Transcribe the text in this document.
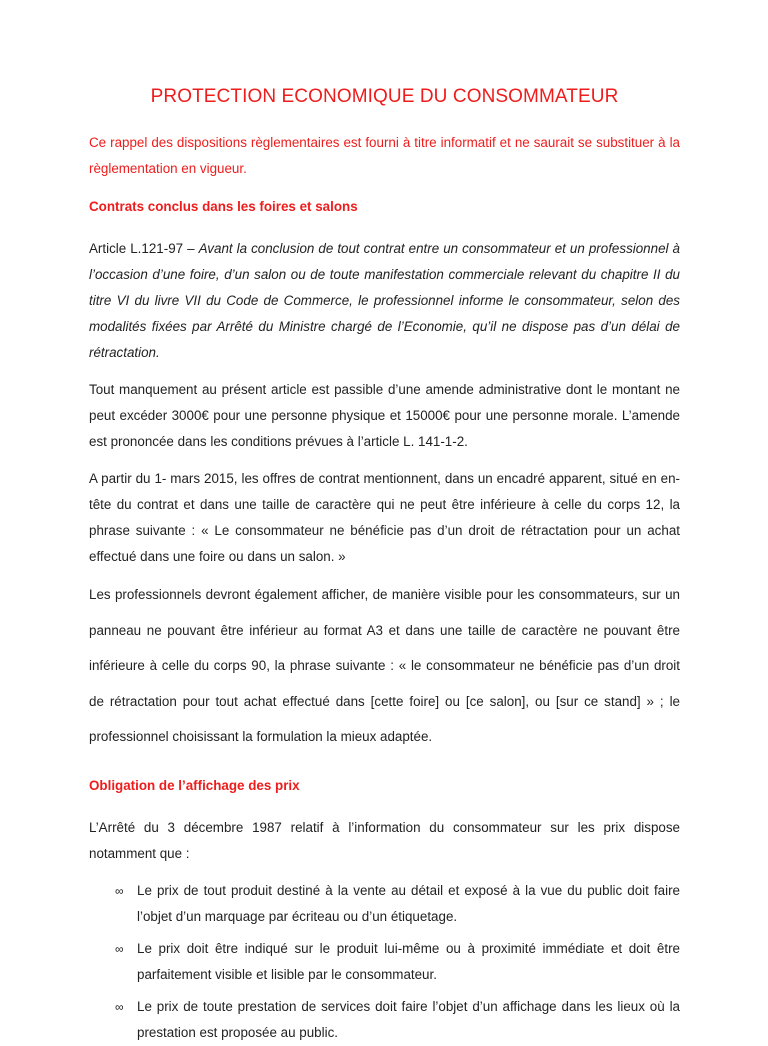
PROTECTION ECONOMIQUE DU CONSOMMATEUR

Ce rappel des dispositions règlementaires est fourni à titre informatif et ne saurait se substituer à la règlementation en vigueur.

Contrats conclus dans les foires et salons

Article L.121-97 – Avant la conclusion de tout contrat entre un consommateur et un professionnel à l’occasion d’une foire, d’un salon ou de toute manifestation commerciale relevant du chapitre II du titre VI du livre VII du Code de Commerce, le professionnel informe le consommateur, selon des modalités fixées par Arrêté du Ministre chargé de l’Economie, qu’il ne dispose pas d’un délai de rétractation.

Tout manquement au présent article est passible d’une amende administrative dont le montant ne peut excéder 3000€ pour une personne physique et 15000€ pour une personne morale. L’amende est prononcée dans les conditions prévues à l’article L. 141-1-2.

A partir du 1- mars 2015, les offres de contrat mentionnent, dans un encadré apparent, situé en en-tête du contrat et dans une taille de caractère qui ne peut être inférieure à celle du corps 12, la phrase suivante : « Le consommateur ne bénéficie pas d’un droit de rétractation pour un achat effectué dans une foire ou dans un salon. »

Les professionnels devront également afficher, de manière visible pour les consommateurs, sur un panneau ne pouvant être inférieur au format A3 et dans une taille de caractère ne pouvant être inférieure à celle du corps 90, la phrase suivante : « le consommateur ne bénéficie pas d’un droit de rétractation pour tout achat effectué dans [cette foire] ou [ce salon], ou [sur ce stand] » ; le professionnel choisissant la formulation la mieux adaptée.

Obligation de l’affichage des prix

L’Arrêté du 3 décembre 1987 relatif à l’information du consommateur sur les prix dispose notamment que :

∞ Le prix de tout produit destiné à la vente au détail et exposé à la vue du public doit faire l’objet d’un marquage par écriteau ou d’un étiquetage.
∞ Le prix doit être indiqué sur le produit lui-même ou à proximité immédiate et doit être parfaitement visible et lisible par le consommateur.
∞ Le prix de toute prestation de services doit faire l’objet d’un affichage dans les lieux où la prestation est proposée au public.
